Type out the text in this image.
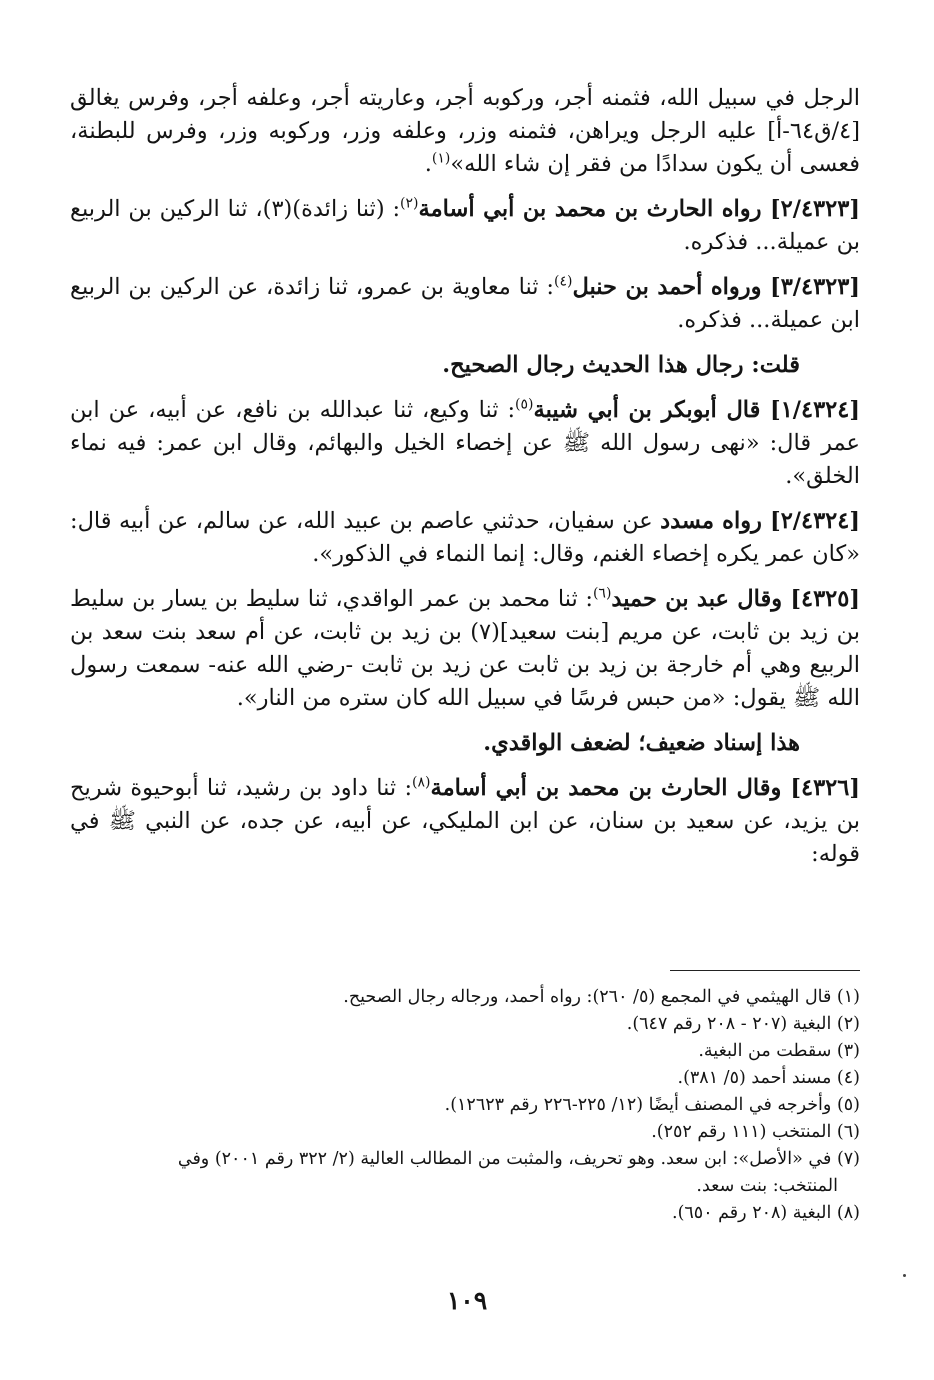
الرجل في سبيل الله، فثمنه أجر، وركوبه أجر، وعاريته أجر، وعلفه أجر، وفرس يغالق [٤/ق٦٤-أ] عليه الرجل ويراهن، فثمنه وزر، وعلفه وزر، وركوبه وزر، وفرس للبطنة، فعسى أن يكون سدادًا من فقر إن شاء الله»$^{(١)}$.

[٢/٤٣٢٣] رواه الحارث بن محمد بن أبي أسامة$^{(٢)}$: (ثنا زائدة)(٣)، ثنا الركين بن الربيع بن عميلة... فذكره.

[٣/٤٣٢٣] ورواه أحمد بن حنبل$^{(٤)}$: ثنا معاوية بن عمرو، ثنا زائدة، عن الركين بن الربيع ابن عميلة... فذكره.

قلت: رجال هذا الحديث رجال الصحيح.

[١/٤٣٢٤] قال أبوبكر بن أبي شيبة$^{(٥)}$: ثنا وكيع، ثنا عبدالله بن نافع، عن أبيه، عن ابن عمر قال: «نهى رسول الله ﷺ عن إخصاء الخيل والبهائم، وقال ابن عمر: فيه نماء الخلق».

[٢/٤٣٢٤] رواه مسدد عن سفيان، حدثني عاصم بن عبيد الله، عن سالم، عن أبيه قال: «كان عمر يكره إخصاء الغنم، وقال: إنما النماء في الذكور».

[٤٣٢٥] وقال عبد بن حميد$^{(٦)}$: ثنا محمد بن عمر الواقدي، ثنا سليط بن يسار بن سليط بن زيد بن ثابت، عن مريم [بنت سعيد](٧) بن زيد بن ثابت، عن أم سعد بنت سعد بن الربيع وهي أم خارجة بن زيد بن ثابت عن زيد بن ثابت -رضي الله عنه- سمعت رسول الله ﷺ يقول: «من حبس فرسًا في سبيل الله كان ستره من النار».

هذا إسناد ضعيف؛ لضعف الواقدي.

[٤٣٢٦] وقال الحارث بن محمد بن أبي أسامة$^{(٨)}$: ثنا داود بن رشيد، ثنا أبوحيوة شريح بن يزيد، عن سعيد بن سنان، عن ابن المليكي، عن أبيه، عن جده، عن النبي ﷺ في قوله:

(١) قال الهيثمي في المجمع (٥/ ٢٦٠): رواه أحمد، ورجاله رجال الصحيح.

(٢) البغية (٢٠٧ - ٢٠٨ رقم ٦٤٧).

(٣) سقطت من البغية.

(٤) مسند أحمد (٥/ ٣٨١).

(٥) وأخرجه في المصنف أيضًا (١٢/ ٢٢٥-٢٢٦ رقم ١٢٦٢٣).

(٦) المنتخب (١١١ رقم ٢٥٢).

(٧) في «الأصل»: ابن سعد. وهو تحريف، والمثبت من المطالب العالية (٢/ ٣٢٢ رقم ٢٠٠١) وفي

المنتخب: بنت سعد.

(٨) البغية (٢٠٨ رقم ٦٥٠).

١٠٩
